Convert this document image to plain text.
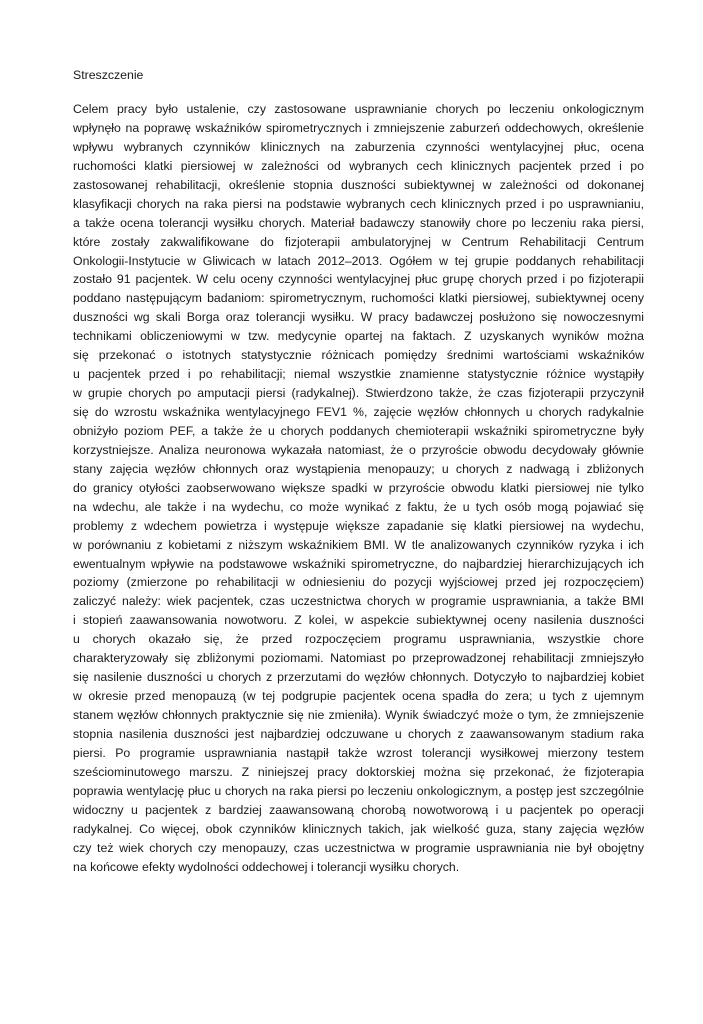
Streszczenie
Celem pracy było ustalenie, czy zastosowane usprawnianie chorych po leczeniu onkologicznym
wpłynęło na poprawę wskaźników spirometrycznych i zmniejszenie zaburzeń oddechowych, określenie
wpływu wybranych czynników klinicznych na zaburzenia czynności wentylacyjnej płuc, ocena
ruchomości klatki piersiowej w zależności od wybranych cech klinicznych pacjentek przed i po
zastosowanej rehabilitacji, określenie stopnia duszności subiektywnej w zależności od dokonanej
klasyfikacji chorych na raka piersi na podstawie wybranych cech klinicznych przed i po usprawnianiu,
a także ocena tolerancji wysiłku chorych. Materiał badawczy stanowiły chore po leczeniu raka piersi,
które zostały zakwalifikowane do fizjoterapii ambulatoryjnej w Centrum Rehabilitacji Centrum
Onkologii-Instytucie w Gliwicach w latach 2012–2013. Ogółem w tej grupie poddanych rehabilitacji
zostało 91 pacjentek. W celu oceny czynności wentylacyjnej płuc grupę chorych przed i po fizjoterapii
poddano następującym badaniom: spirometrycznym, ruchomości klatki piersiowej, subiektywnej oceny
duszności wg skali Borga oraz tolerancji wysiłku. W pracy badawczej posłużono się nowoczesnymi
technikami obliczeniowymi w tzw. medycynie opartej na faktach. Z uzyskanych wyników można
się przekonać o istotnych statystycznie różnicach pomiędzy średnimi wartościami wskaźników
u pacjentek przed i po rehabilitacji; niemal wszystkie znamienne statystycznie różnice wystąpiły
w grupie chorych po amputacji piersi (radykalnej). Stwierdzono także, że czas fizjoterapii przyczynił
się do wzrostu wskaźnika wentylacyjnego FEV1 %, zajęcie węzłów chłonnych u chorych radykalnie
obniżyło poziom PEF, a także że u chorych poddanych chemioterapii wskaźniki spirometryczne były
korzystniejsze. Analiza neuronowa wykazała natomiast, że o przyroście obwodu decydowały głównie
stany zajęcia węzłów chłonnych oraz wystąpienia menopauzy; u chorych z nadwagą i zbliżonych
do granicy otyłości zaobserwowano większe spadki w przyroście obwodu klatki piersiowej nie tylko
na wdechu, ale także i na wydechu, co może wynikać z faktu, że u tych osób mogą pojawiać się
problemy z wdechem powietrza i występuje większe zapadanie się klatki piersiowej na wydechu,
w porównaniu z kobietami z niższym wskaźnikiem BMI. W tle analizowanych czynników ryzyka i ich
ewentualnym wpływie na podstawowe wskaźniki spirometryczne, do najbardziej hierarchizujących ich
poziomy (zmierzone po rehabilitacji w odniesieniu do pozycji wyjściowej przed jej rozpoczęciem)
zaliczyć należy: wiek pacjentek, czas uczestnictwa chorych w programie usprawniania, a także BMI
i stopień zaawansowania nowotworu. Z kolei, w aspekcie subiektywnej oceny nasilenia duszności
u chorych okazało się, że przed rozpoczęciem programu usprawniania, wszystkie chore
charakteryzowały się zbliżonymi poziomami. Natomiast po przeprowadzonej rehabilitacji zmniejszyło
się nasilenie duszności u chorych z przerzutami do węzłów chłonnych. Dotyczyło to najbardziej kobiet
w okresie przed menopauzą (w tej podgrupie pacjentek ocena spadła do zera; u tych z ujemnym
stanem węzłów chłonnych praktycznie się nie zmieniła). Wynik świadczyć może o tym, że zmniejszenie
stopnia nasilenia duszności jest najbardziej odczuwane u chorych z zaawansowanym stadium raka
piersi. Po programie usprawniania nastąpił także wzrost tolerancji wysiłkowej mierzony testem
sześciominutowego marszu. Z niniejszej pracy doktorskiej można się przekonać, że fizjoterapia
poprawia wentylację płuc u chorych na raka piersi po leczeniu onkologicznym, a postęp jest szczególnie
widoczny u pacjentek z bardziej zaawansowaną chorobą nowotworową i u pacjentek po operacji
radykalnej. Co więcej, obok czynników klinicznych takich, jak wielkość guza, stany zajęcia węzłów
czy też wiek chorych czy menopauzy, czas uczestnictwa w programie usprawniania nie był obojętny
na końcowe efekty wydolności oddechowej i tolerancji wysiłku chorych.
